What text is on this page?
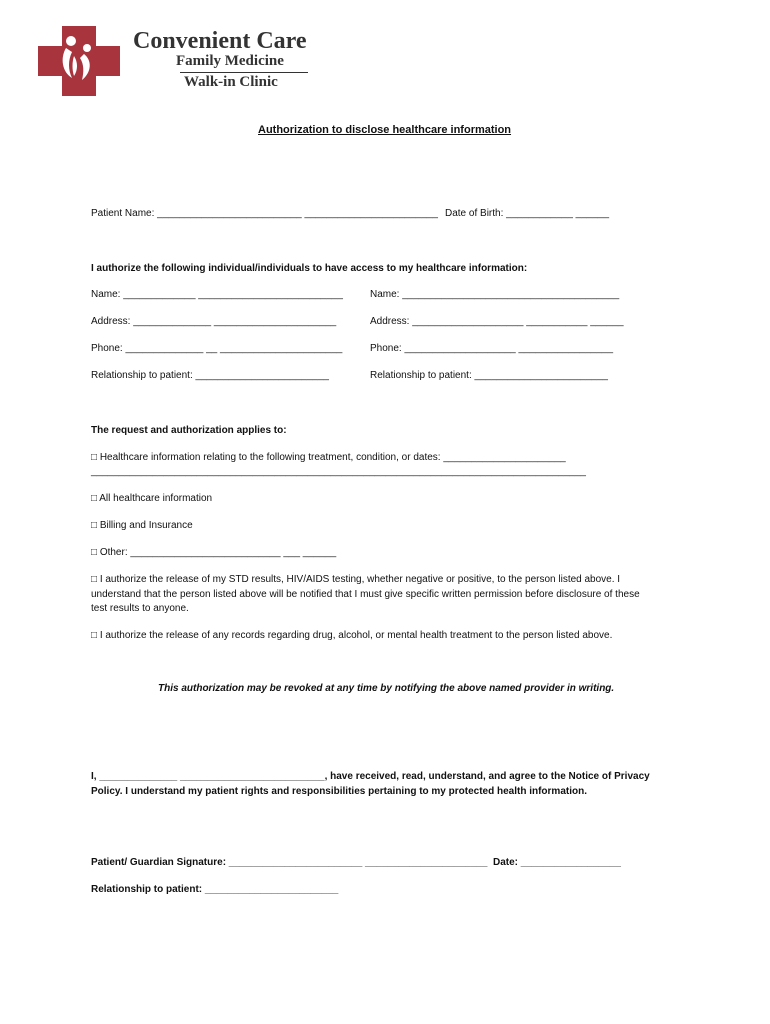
Convenient Care
Family Medicine
Walk-in Clinic
Authorization to disclose healthcare information
Patient Name: __________________________ ________________________ Date of Birth: ____________ ______
I authorize the following individual/individuals to have access to my healthcare information:
Name: _____________ __________________________
Address: ______________ ______________________
Phone: ______________ __ ______________________
Relationship to patient: ________________________
Name: _______________________________________
Address: ____________________ ___________ ______
Phone: ____________________ _________________
Relationship to patient: ________________________
The request and authorization applies to:
□ Healthcare information relating to the following treatment, condition, or dates: ______________________
_________________________________________________________________________________________
□ All healthcare information
□ Billing and Insurance
□ Other: ___________________________ ___ ______
□ I authorize the release of my STD results, HIV/AIDS testing, whether negative or positive, to the person listed above. I
understand that the person listed above will be notified that I must give specific written permission before disclosure of these
test results to anyone.
□ I authorize the release of any records regarding drug, alcohol, or mental health treatment to the person listed above.
This authorization may be revoked at any time by notifying the above named provider in writing.
I, ______________ __________________________, have received, read, understand, and agree to the Notice of Privacy
Policy. I understand my patient rights and responsibilities pertaining to my protected health information.
Patient/ Guardian Signature: ________________________ ______________________ Date: __________________
Relationship to patient: ________________________
